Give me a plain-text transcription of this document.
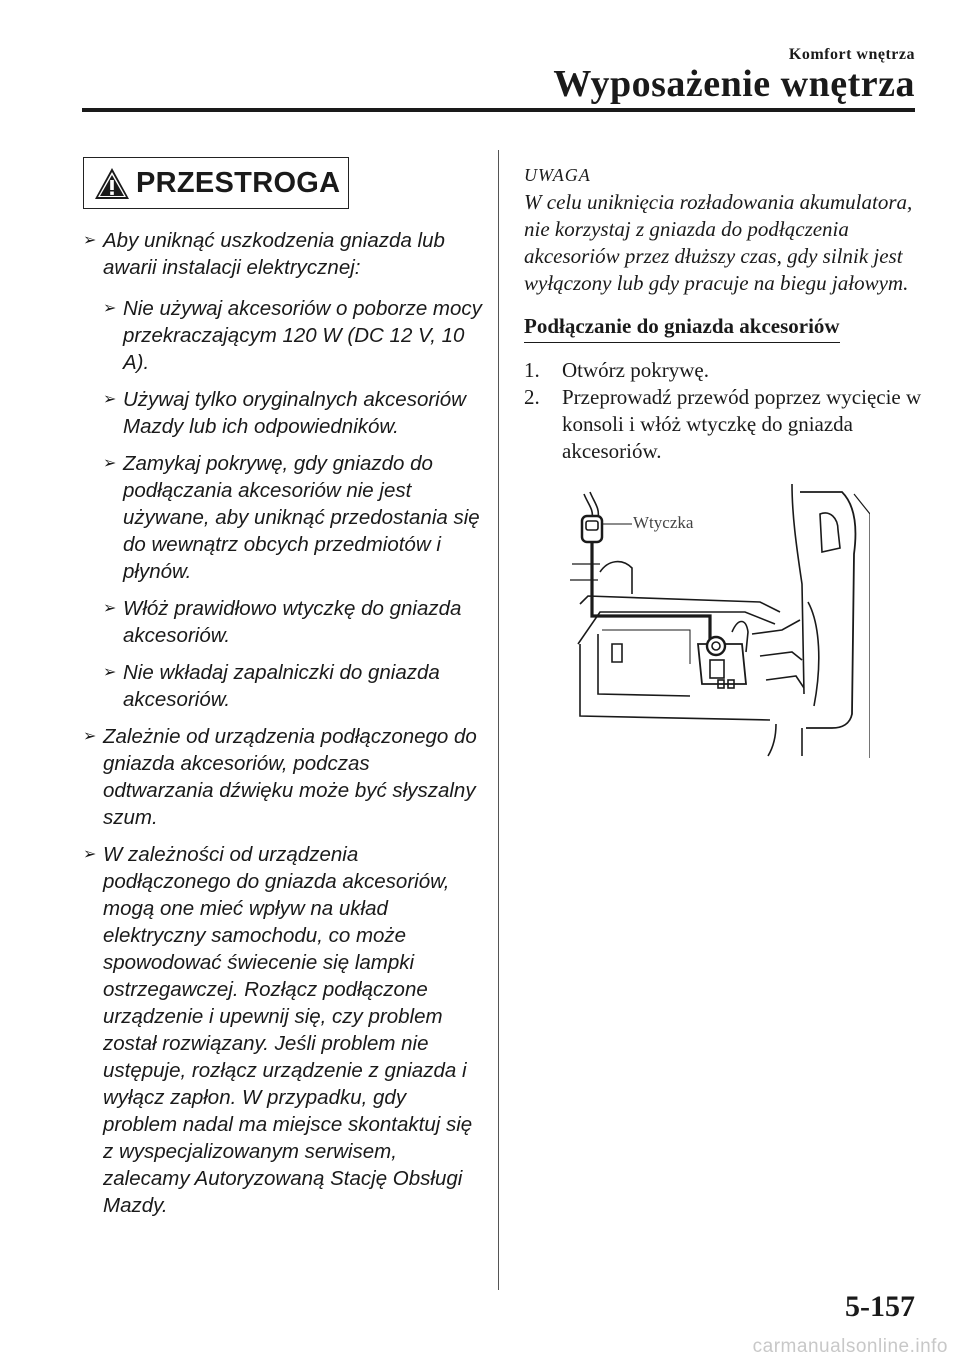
Komfort wnętrza
Wyposażenie wnętrza
PRZESTROGA

➢ Aby uniknąć uszkodzenia gniazda lub awarii instalacji elektrycznej:

➢ Nie używaj akcesoriów o poborze mocy przekraczającym 120 W (DC 12 V, 10 A).

➢ Używaj tylko oryginalnych akcesoriów Mazdy lub ich odpowiedników.

➢ Zamykaj pokrywę, gdy gniazdo do podłączania akcesoriów nie jest używane, aby uniknąć przedostania się do wewnątrz obcych przedmiotów i płynów.

➢ Włóż prawidłowo wtyczkę do gniazda akcesoriów.

➢ Nie wkładaj zapalniczki do gniazda akcesoriów.

➢ Zależnie od urządzenia podłączonego do gniazda akcesoriów, podczas odtwarzania dźwięku może być słyszalny szum.

➢ W zależności od urządzenia podłączonego do gniazda akcesoriów, mogą one mieć wpływ na układ elektryczny samochodu, co może spowodować świecenie się lampki ostrzegawczej. Rozłącz podłączone urządzenie i upewnij się, czy problem został rozwiązany. Jeśli problem nie ustępuje, rozłącz urządzenie z gniazda i wyłącz zapłon. W przypadku, gdy problem nadal ma miejsce skontaktuj się z wyspecjalizowanym serwisem, zalecamy Autoryzowaną Stację Obsługi Mazdy.

UWAGA
W celu uniknięcia rozładowania akumulatora, nie korzystaj z gniazda do podłączenia akcesoriów przez dłuższy czas, gdy silnik jest wyłączony lub gdy pracuje na biegu jałowym.
Podłączanie do gniazda akcesoriów
1. Otwórz pokrywę.
2. Przeprowadź przewód poprzez wycięcie w konsoli i włóż wtyczkę do gniazda akcesoriów.
Wtyczka
5-157
carmanualsonline.info
